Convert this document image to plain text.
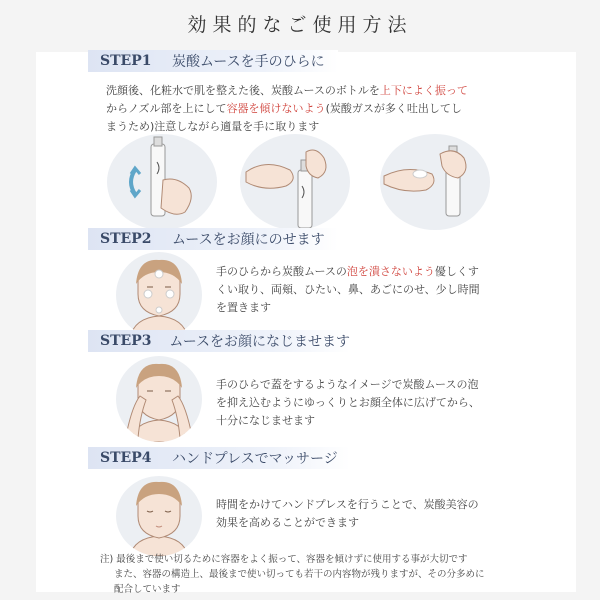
効果的なご使用方法
STEP1	炭酸ムースを手のひらに
洗顔後、化粧水で肌を整えた後、炭酸ムースのボトルを上下によく振って
からノズル部を上にして容器を傾けないよう(炭酸ガスが多く吐出してし
まうため)注意しながら適量を手に取ります
STEP2	ムースをお顔にのせます
手のひらから炭酸ムースの泡を潰さないよう優しくす
くい取り、両頬、ひたい、鼻、あごにのせ、少し時間
を置きます
STEP3	ムースをお顔になじませます
手のひらで蓋をするようなイメージで炭酸ムースの泡
を抑え込むようにゆっくりとお顔全体に広げてから、
十分になじませます
STEP4	ハンドプレスでマッサージ
時間をかけてハンドプレスを行うことで、炭酸美容の
効果を高めることができます
注) 最後まで使い切るために容器をよく振って、容器を傾けずに使用する事が大切です
また、容器の構造上、最後まで使い切っても若干の内容物が残りますが、その分多めに
配合しています
